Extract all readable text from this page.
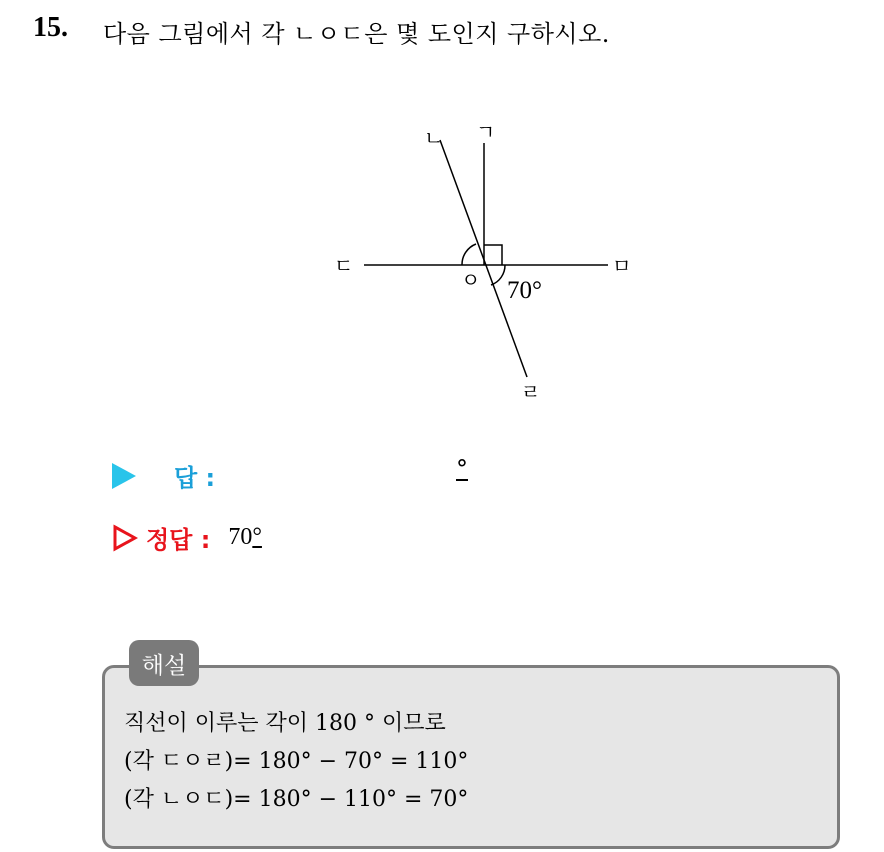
15. 다음 그림에서 각 ㄴㅇㄷ은 몇 도인지 구하시오.
ㄴ ㄱ
ㄷ
ㅇ
ㅁ
ㄹ
70°
답 :	°
정답 : 70°
해설
직선이 이루는 각이 180 ° 이므로
(각 ㄷㅇㄹ)= 180° − 70° = 110°
(각 ㄴㅇㄷ)= 180° − 110° = 70°
